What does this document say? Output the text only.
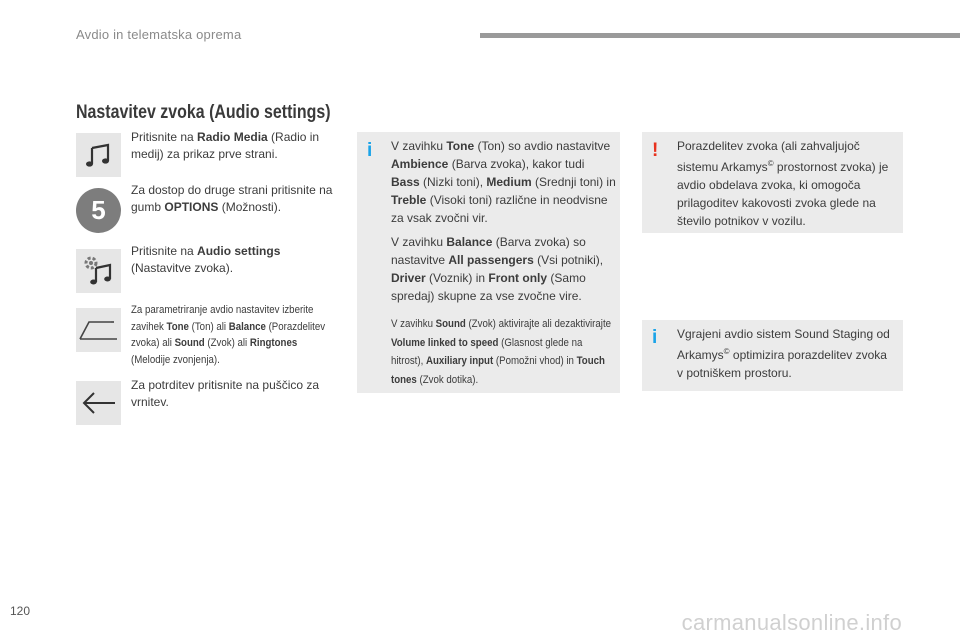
Avdio in telematska oprema
Nastavitev zvoka (Audio settings)
Pritisnite na Radio Media (Radio in medij) za prikaz prve strani.
5
Za dostop do druge strani pritisnite na gumb OPTIONS (Možnosti).
Pritisnite na Audio settings (Nastavitve zvoka).
Za parametriranje avdio nastavitev izberite zavihek Tone (Ton) ali Balance (Porazdelitev zvoka) ali Sound (Zvok) ali Ringtones (Melodije zvonjenja).
Za potrditev pritisnite na puščico za vrnitev.
i V zavihku Tone (Ton) so avdio nastavitve Ambience (Barva zvoka), kakor tudi Bass (Nizki toni), Medium (Srednji toni) in Treble (Visoki toni) različne in neodvisne za vsak zvočni vir.
V zavihku Balance (Barva zvoka) so nastavitve All passengers (Vsi potniki), Driver (Voznik) in Front only (Samo spredaj) skupne za vse zvočne vire.
V zavihku Sound (Zvok) aktivirajte ali dezaktivirajte Volume linked to speed (Glasnost glede na hitrost), Auxiliary input (Pomožni vhod) in Touch tones (Zvok dotika).
! Porazdelitev zvoka (ali zahvaljujoč sistemu Arkamys© prostornost zvoka) je avdio obdelava zvoka, ki omogoča prilagoditev kakovosti zvoka glede na število potnikov v vozilu.
i Vgrajeni avdio sistem Sound Staging od Arkamys© optimizira porazdelitev zvoka v potniškem prostoru.
120	carmanualsonline.info
